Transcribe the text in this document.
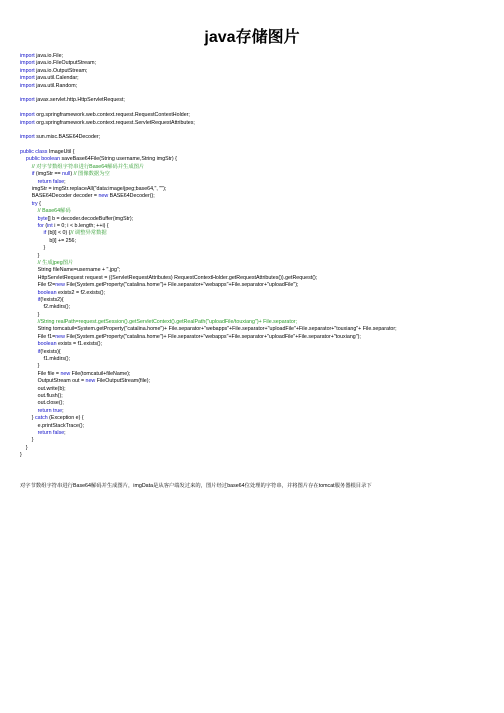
java存储图片
import java.io.File;
import java.io.FileOutputStream;
import java.io.OutputStream;
import java.util.Calendar;
import java.util.Random;

import javax.servlet.http.HttpServletRequest;

import org.springframework.web.context.request.RequestContextHolder;
import org.springframework.web.context.request.ServletRequestAttributes;

import sun.misc.BASE64Decoder;

public class ImageUtil {
public boolean saveBase64File(String username,String imgStr) {
// 对字节数组字符串进行Base64解码并生成图片
if (imgStr == null) // 图像数据为空
return false;
imgStr = imgStr.replaceAll("data:image/jpeg;base64,", "");
BASE64Decoder decoder = new BASE64Decoder();
try {
// Base64解码
byte[] b = decoder.decodeBuffer(imgStr);
for (int i = 0; i < b.length; ++i) {
if (b[i] < 0) {// 调整异常数据
b[i] += 256;
}
}
// 生成jpeg图片
String fileName=username + ".jpg";
HttpServletRequest request = ((ServletRequestAttributes) RequestContextHolder.getRequestAttributes()).getRequest();
File f2=new File(System.getProperty("catalina.home")+ File.separator+"webapps"+File.separator+"uploadFile");
boolean exists2 = f2.exists();
if(!exists2){
f2.mkdirs();
}
//String realPath=request.getSession().getServletContext().getRealPath("uploadFile/touxiang")+ File.separator;
String tomcatuil=System.getProperty("catalina.home")+ File.separator+"webapps"+File.separator+"uploadFile"+File.separator+"touxiang"+ File.separator;
File f1=new File(System.getProperty("catalina.home")+ File.separator+"webapps"+File.separator+"uploadFile"+File.separator+"touxiang");
boolean exists = f1.exists();
if(!exists){
f1.mkdirs();
}
File file = new File(tomcatuil+fileName);
OutputStream out = new FileOutputStream(file);
out.write(b);
out.flush();
out.close();
return true;
} catch (Exception e) {
e.printStackTrace();
return false;
}
}
}
对字节数组字符串进行Base64解码并生成图片，imgData是从客户端发过来的，图片经过base64位处理的字符串，并将图片存在tomcat服务器根目录下
